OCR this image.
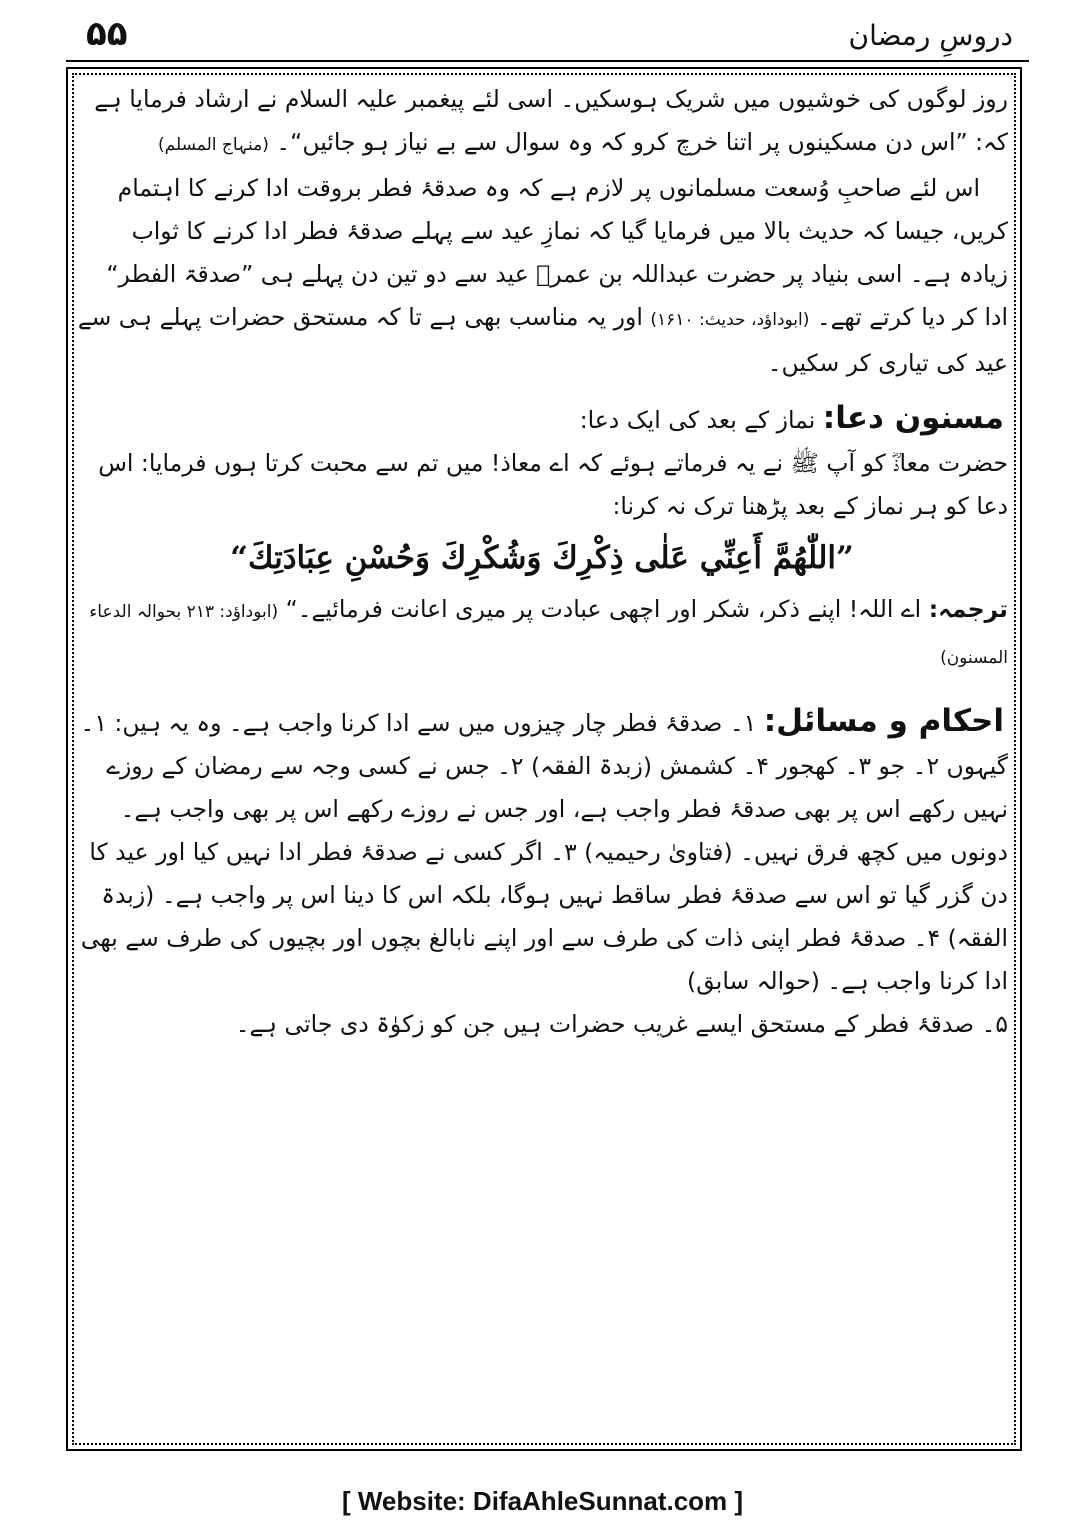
۵۵	دروسِ رمضان

روز لوگوں کی خوشیوں میں شریک ہوسکیں۔ اسی لئے پیغمبر علیہ السلام نے ارشاد فرمایا ہے کہ: ”اس دن مسکینوں پر اتنا خرچ کرو کہ وہ سوال سے بے نیاز ہو جائیں“۔ (منہاج المسلم)

اس لئے صاحبِ وُسعت مسلمانوں پر لازم ہے کہ وہ صدقۂ فطر بروقت ادا کرنے کا اہتمام کریں، جیسا کہ حدیث بالا میں فرمایا گیا کہ نمازِ عید سے پہلے صدقۂ فطر ادا کرنے کا ثواب زیادہ ہے۔ اسی بنیاد پر حضرت عبداللہ بن عمرؓ عید سے دو تین دن پہلے ہی ”صدقۃ الفطر“ ادا کر دیا کرتے تھے۔ (ابوداؤد، حدیث: ۱۶۱۰) اور یہ مناسب بھی ہے تا کہ مستحق حضرات پہلے ہی سے عید کی تیاری کر سکیں۔

مسنون دعا: نماز کے بعد کی ایک دعا:

حضرت معاذؓ کو آپ ﷺ نے یہ فرماتے ہوئے کہ اے معاذ! میں تم سے محبت کرتا ہوں فرمایا: اس دعا کو ہر نماز کے بعد پڑھنا ترک نہ کرنا:

”اللّٰهُمَّ أَعِنِّي عَلٰى ذِكْرِكَ وَشُكْرِكَ وَحُسْنِ عِبَادَتِكَ“

ترجمہ: اے اللہ! اپنے ذکر، شکر اور اچھی عبادت پر میری اعانت فرمائیے۔“ (ابوداؤد: ۲۱۳ بحوالہ الدعاء المسنون)

احکام و مسائل: ۱۔ صدقۂ فطر چار چیزوں میں سے ادا کرنا واجب ہے۔ وہ یہ ہیں: ۱۔ گیہوں ۲۔ جو ۳۔ کھجور ۴۔ کشمش (زبدۃ الفقہ) ۲۔ جس نے کسی وجہ سے رمضان کے روزے نہیں رکھے اس پر بھی صدقۂ فطر واجب ہے، اور جس نے روزے رکھے اس پر بھی واجب ہے۔ دونوں میں کچھ فرق نہیں۔ (فتاویٰ رحیمیہ) ۳۔ اگر کسی نے صدقۂ فطر ادا نہیں کیا اور عید کا دن گزر گیا تو اس سے صدقۂ فطر ساقط نہیں ہوگا، بلکہ اس کا دینا اس پر واجب ہے۔ (زبدۃ الفقہ) ۴۔ صدقۂ فطر اپنی ذات کی طرف سے اور اپنے نابالغ بچوں اور بچیوں کی طرف سے بھی ادا کرنا واجب ہے۔ (حوالہ سابق)

۵۔ صدقۂ فطر کے مستحق ایسے غریب حضرات ہیں جن کو زکوٰۃ دی جاتی ہے۔

[ Website: DifaAhleSunnat.com ]
